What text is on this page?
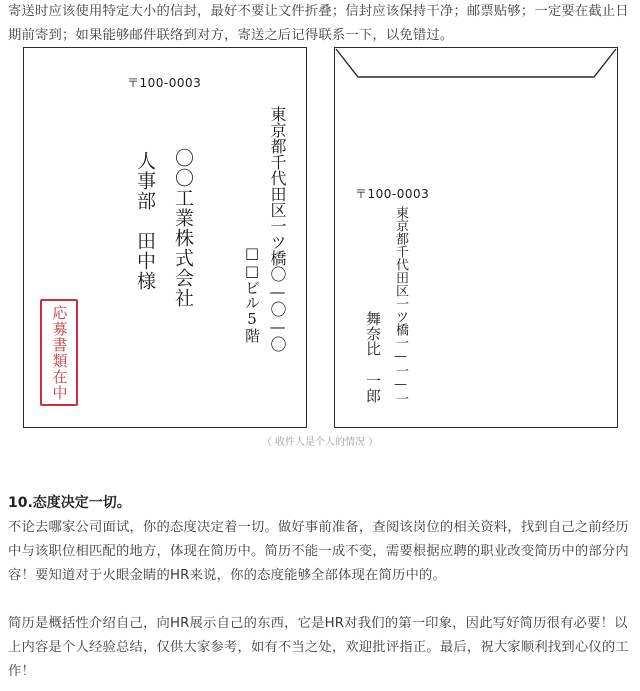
寄送时应该使用特定大小的信封，最好不要让文件折叠；信封应该保持干净；邮票贴够；一定要在截止日期前寄到；如果能够邮件联络到对方，寄送之后记得联系一下，以免错过。
〒100-0003
東京都千代田区一ツ橋〇—〇—〇
□□ビル5階
〇〇工業株式会社
人事部
田中様
応募書類在中
〒100-0003
東京都千代田区一ツ橋一—一—一
舞奈比
一郎
（ 收件人是个人的情况 ）
10.态度决定一切。
不论去哪家公司面试，你的态度决定着一切。做好事前准备，查阅该岗位的相关资料，找到自己之前经历中与该职位相匹配的地方，体现在简历中。简历不能一成不变，需要根据应聘的职业改变简历中的部分内容！要知道对于火眼金睛的HR来说，你的态度能够全部体现在简历中的。
简历是概括性介绍自己，向HR展示自己的东西，它是HR对我们的第一印象，因此写好简历很有必要！以上内容是个人经验总结，仅供大家参考，如有不当之处，欢迎批评指正。最后，祝大家顺利找到心仪的工作！
